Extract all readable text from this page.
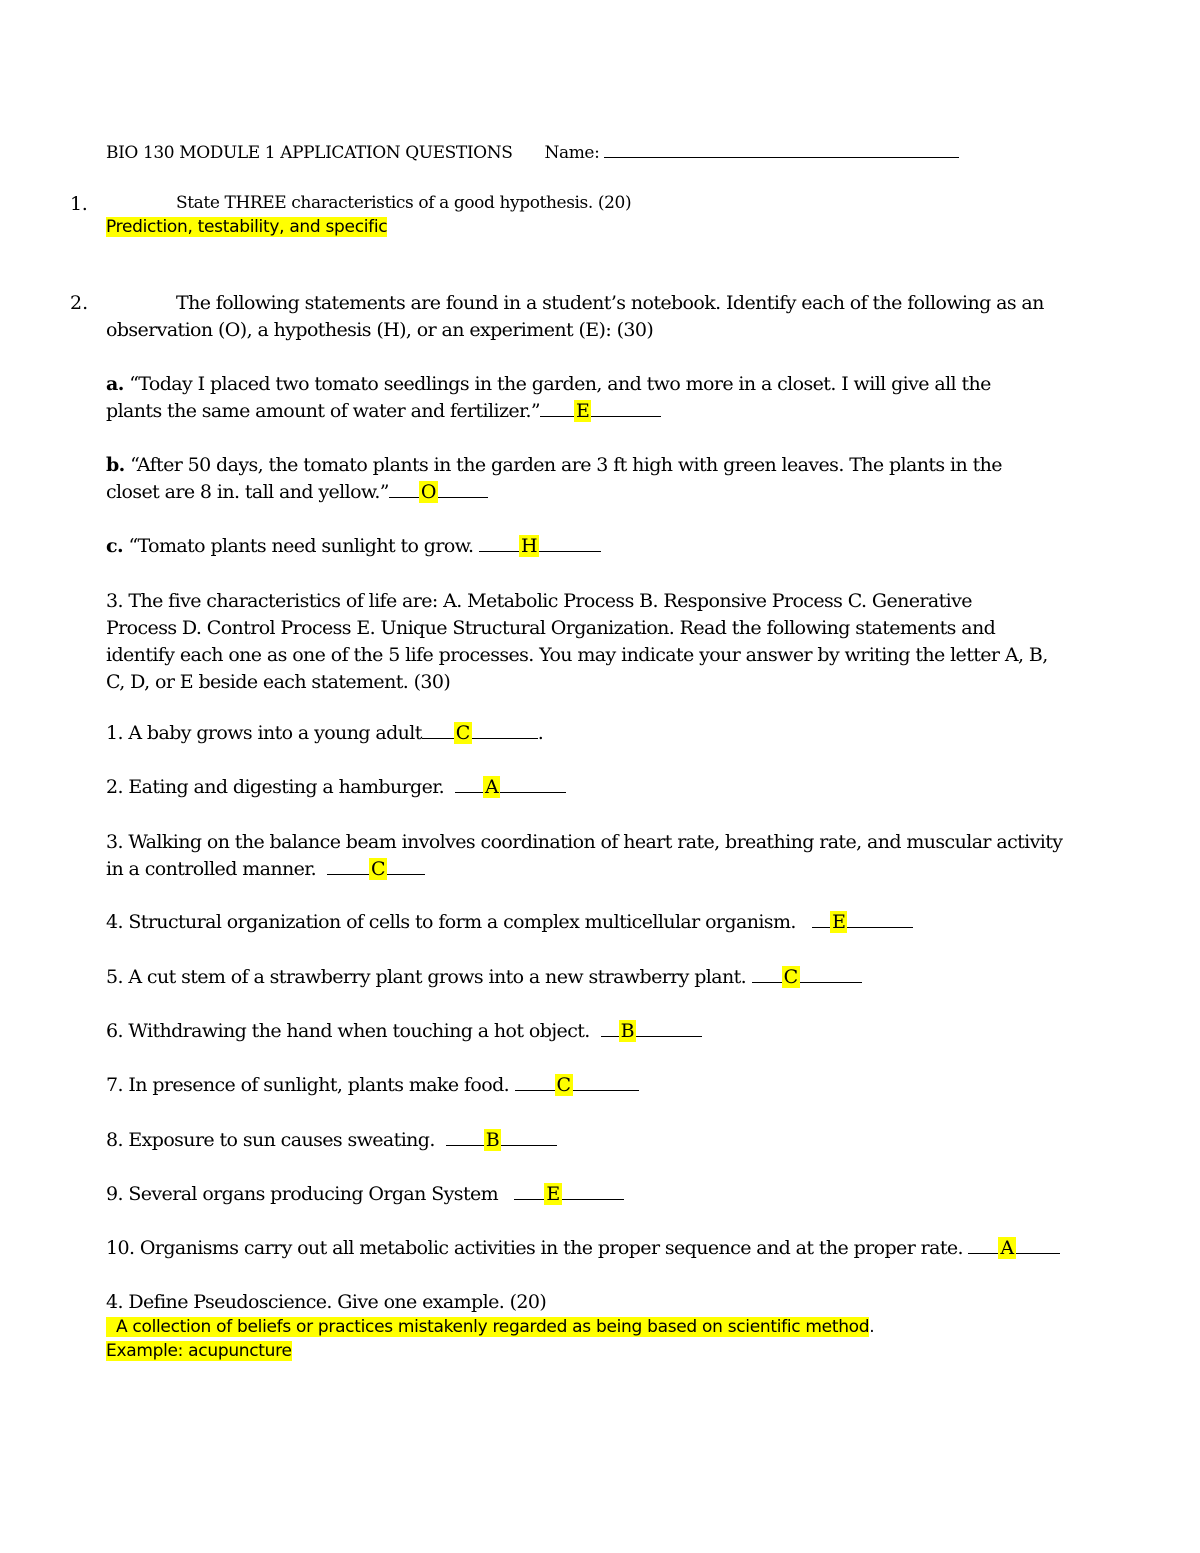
BIO 130 MODULE 1 APPLICATION QUESTIONS Name:
1.	State THREE characteristics of a good hypothesis. (20)
Prediction, testability, and specific
2.	The following statements are found in a student’s notebook. Identify each of the following as an
observation (O), a hypothesis (H), or an experiment (E): (30)
a. “Today I placed two tomato seedlings in the garden, and two more in a closet. I will give all the
plants the same amount of water and fertilizer.” E
b. “After 50 days, the tomato plants in the garden are 3 ft high with green leaves. The plants in the
closet are 8 in. tall and yellow.” O
c. “Tomato plants need sunlight to grow. H
3. The five characteristics of life are: A. Metabolic Process B. Responsive Process C. Generative
Process D. Control Process E. Unique Structural Organization. Read the following statements and
identify each one as one of the 5 life processes. You may indicate your answer by writing the letter A, B,
C, D, or E beside each statement. (30)
1. A baby grows into a young adult C	.
2. Eating and digesting a hamburger. A
3. Walking on the balance beam involves coordination of heart rate, breathing rate, and muscular activity
in a controlled manner.	C
4. Structural organization of cells to form a complex multicellular organism. E
5. A cut stem of a strawberry plant grows into a new strawberry plant. C
6. Withdrawing the hand when touching a hot object. B
7. In presence of sunlight, plants make food. C
8. Exposure to sun causes sweating.	B
9. Several organs producing Organ System	E
10. Organisms carry out all metabolic activities in the proper sequence and at the proper rate. A
4. Define Pseudoscience. Give one example. (20)
A collection of beliefs or practices mistakenly regarded as being based on scientific method.
Example: acupuncture
